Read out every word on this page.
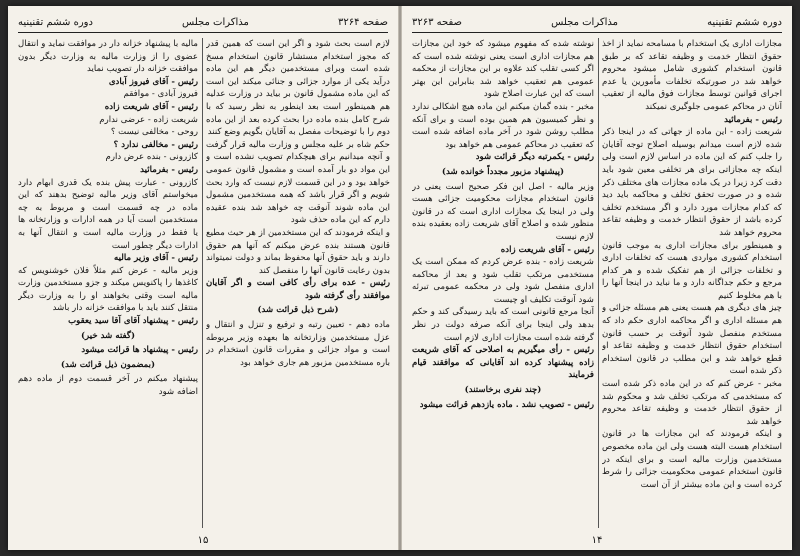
صفحه ۳۲۶۴
مذاکرات مجلس
دوره ششم تقنینیه

لازم است بحث شود و اگر این است که همین قدر که مجوز استخدام مستشار قانون استخدام مسخ شده است وبرای مستخدمین دیگر هم این ماده درآید یکی از موارد جزائی و جنائی میکند این است که این ماده مشمول قانون بر بیاید در وزارت عدلیه هم همینطور است بعد اینطور به نظر رسید که با شرح کامل بنده ماده درا بحث کرده بعد از این ماده دوم را با توضیحات مفصل به آقایان بگویم وضع کنند

حکم شاه بر علیه مجلس و وزارت مالیه قرار گرفت و آنچه میدانیم برای هیچکدام تصویب نشده است و این مواد دو بار آمده است و مشمول قانون عمومی خواهد بود و در این قسمت لازم نیست که وارد بحث شویم و اگر قرار باشد که همه مستخدمین مشمول این ماده شوند آنوقت چه خواهد شد بنده عقیده دارم که این ماده حذف شود

و اینکه فرمودند که این مستخدمین از هر حیث مطیع قانون هستند بنده عرض میکنم که آنها هم حقوق دارند و باید حقوق آنها محفوظ بماند و دولت نمیتواند بدون رعایت قانون آنها را منفصل کند

رئیس - عده برای رأی کافی است و اگر آقایان موافقند رأی گرفته شود

(شرح ذیل قرائت شد)

ماده دهم - تعیین رتبه و ترفیع و تنزل و انتقال و عزل مستخدمین وزارتخانه ها بعهده وزیر مربوطه است و مواد جزائی و مقررات قانون استخدام در باره مستخدمین مزبور هم جاری خواهد بود

مالیه با پیشنهاد خزانه دار در موافقت نماید و انتقال عضوی را از وزارت مالیه به وزارت دیگر بدون موافقت خزانه دار تصویب نماید

رئیس - آقای فیروز آبادی

فیروز آبادی - موافقم

رئیس - آقای شریعت زاده

شریعت زاده - عرضی ندارم

روحی - مخالفی نیست ؟

رئیس - مخالفی ندارد ؟

کازرونی - بنده عرض دارم

رئیس - بفرمائید

کازرونی - عبارت پیش بنده یک قدری ابهام دارد میخواستم آقای وزیر مالیه توضیح بدهند که این ماده در چه قسمت است و مربوط به چه مستخدمین است آیا در همه ادارات و وزارتخانه ها یا فقط در وزارت مالیه است و انتقال آنها به ادارات دیگر چطور است

رئیس - آقای وزیر مالیه

وزیر مالیه - عرض کنم مثلاً فلان خوشنویس که کاغذها را پاکنویس میکند و جزو مستخدمین وزارت مالیه است وقتی بخواهند او را به وزارت دیگر منتقل کنند باید با موافقت خزانه دار باشد

رئیس - پیشنهاد آقای آقا سید یعقوب

(گفته شد خیر)

رئیس - پیشنهاد ها قرائت میشود

(بمضمون ذیل قرائت شد)

پیشنهاد میکنم در آخر قسمت دوم از ماده دهم اضافه شود

۱۵
دوره ششم تقنینیه
مذاکرات مجلس
صفحه ۳۲۶۳

مجازات اداری یک استخدام با مسامحه نماید از اخذ حقوق انتظار خدمت و وظیفه تقاعد که بر طبق قانون استخدام کشوری شامل میشود محروم خواهد شد در صورتیکه تخلفات مأمورین یا عدم اجرای قوانین توسط مجازات فوق مالیه از تعقیب آنان در محاکم عمومی جلوگیری نمیکند

رئیس - بفرمائید

شریعت زاده - این ماده از جهاتی که در اینجا ذکر شده لازم است میدانم بوسیله اصلاح توجه آقایان را جلب کنم که این ماده در اساس لازم است ولی اینکه چه مجازاتی برای هر تخلفی معین شود باید دقت کرد زیرا در یک ماده مجازات های مختلف ذکر شده و در صورت تحقق تخلف و محاکمه باید دید که کدام مجازات مورد دارد و اگر مستخدم تخلف کرده باشد از حقوق انتظار خدمت و وظیفه تقاعد محروم خواهد شد

و همینطور برای مجازات اداری به موجب قانون استخدام کشوری مواردی هست که تخلفات اداری و تخلفات جزائی از هم تفکیک شده و هر کدام مرجع و حکم جداگانه دارد و ما نباید در اینجا آنها را با هم مخلوط کنیم

چیز های دیگری هم هست یعنی هم مسئله جزائی و هم مسئله اداری و اگر محاکمه اداری حکم داد که مستخدم منفصل شود آنوقت بر حسب قانون استخدام حقوق انتظار خدمت و وظیفه تقاعد او قطع خواهد شد و این مطلب در قانون استخدام ذکر شده است

مخبر - عرض کنم که در این ماده ذکر شده است که مستخدمی که مرتکب تخلف شد و محکوم شد از حقوق انتظار خدمت و وظیفه تقاعد محروم خواهد شد

و اینکه فرمودند که این مجازات ها در قانون استخدام هست البته هست ولی این ماده مخصوص مستخدمین وزارت مالیه است و برای اینکه در قانون استخدام عمومی محکومیت جزائی را شرط کرده است و این ماده بیشتر از آن است

نوشته شده که مفهوم میشود که خود این مجازات هم مجازات اداری است یعنی نوشته شده است که اگر کسی تقلب کند علاوه بر این مجازات از محکمه عمومی هم تعقیب خواهد شد بنابراین این بهتر است که این عبارت اصلاح شود

مخبر - بنده گمان میکنم این ماده هیچ اشکالی ندارد و نظر کمیسیون هم همین بوده است و برای آنکه مطلب روشن شود در آخر ماده اضافه شده است که تعقیب در محاکم عمومی هم خواهد بود

رئیس - یکمرتبه دیگر قرائت شود

(پیشنهاد مزبور مجدداً خوانده شد)

وزیر مالیه - اصل این فکر صحیح است یعنی در قانون استخدام مجازات محکومیت جزائی هست ولی در اینجا یک مجازات اداری است که در قانون منظور شده و اصلاح آقای شریعت زاده بعقیده بنده لازم نیست

رئیس - آقای شریعت زاده

شریعت زاده - بنده عرض کردم که ممکن است یک مستخدمی مرتکب تقلب شود و بعد از محاکمه اداری منفصل شود ولی در محکمه عمومی تبرئه شود آنوقت تکلیف او چیست

آنجا مرجع قانونی است که باید رسیدگی کند و حکم بدهد ولی اینجا برای آنکه صرفه دولت در نظر گرفته شده است مجازات اداری لازم است

رئیس - رأی میگیریم به اصلاحی که آقای شریعت زاده پیشنهاد کرده اند آقایانی که موافقند قیام فرمایند

(چند نفری برخاستند)

رئیس - تصویب نشد . ماده یازدهم قرائت میشود

۱۴
